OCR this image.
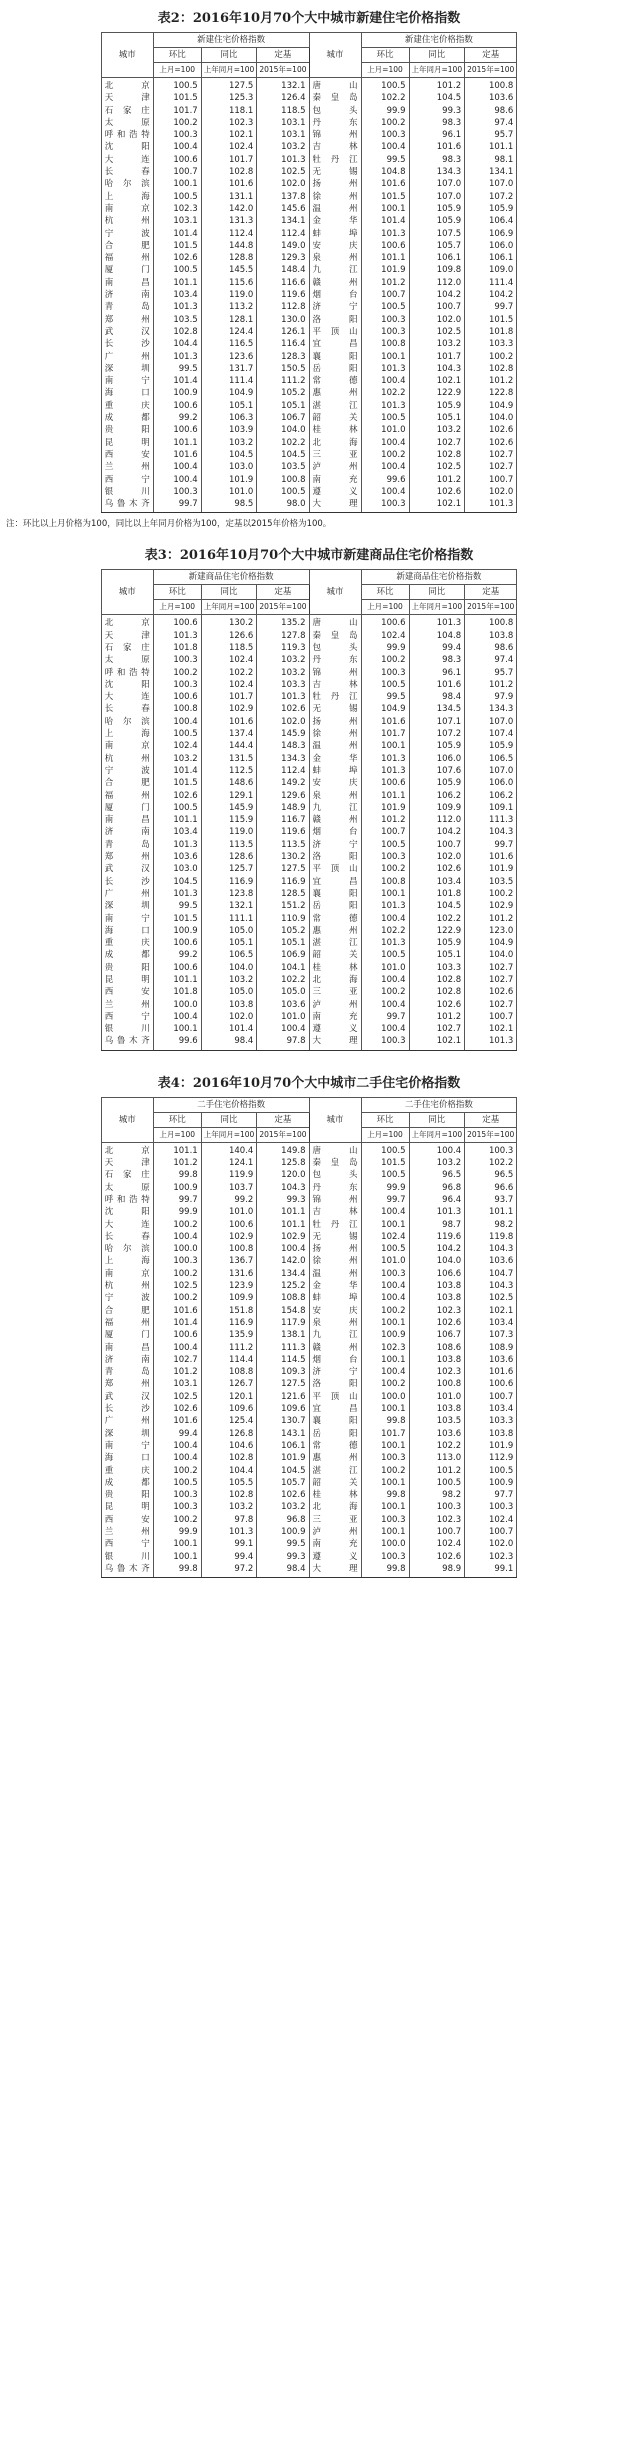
表2：2016年10月70个大中城市新建住宅价格指数
城市	新建住宅价格指数			城市	新建住宅价格指数		
	环比	同比	定基		环比	同比	定基
	上月=100	上年同月=100	2015年=100		上月=100	上年同月=100	2015年=100
北　京	100.5	127.5	132.1	唐　山	100.5	101.2	100.8
天　津	101.5	125.3	126.4	秦皇岛	102.2	104.5	103.6
石家庄	101.7	118.1	118.5	包　头	99.9	99.3	98.6
太　原	100.2	102.3	103.1	丹　东	100.2	98.3	97.4
呼和浩特	100.3	102.1	103.1	锦　州	100.3	96.1	95.7
沈　阳	100.4	102.4	103.2	吉　林	100.4	101.6	101.1
大　连	100.6	101.7	101.3	牡丹江	99.5	98.3	98.1
长　春	100.7	102.8	102.5	无　锡	104.8	134.3	134.1
哈尔滨	100.1	101.6	102.0	扬　州	101.6	107.0	107.0
上　海	100.5	131.1	137.8	徐　州	101.5	107.0	107.2
南　京	102.3	142.0	145.6	温　州	100.1	105.9	105.9
杭　州	103.1	131.3	134.1	金　华	101.4	105.9	106.4
宁　波	101.4	112.4	112.4	蚌　埠	101.3	107.5	106.9
合　肥	101.5	144.8	149.0	安　庆	100.6	105.7	106.0
福　州	102.6	128.8	129.3	泉　州	101.1	106.1	106.1
厦　门	100.5	145.5	148.4	九　江	101.9	109.8	109.0
南　昌	101.1	115.6	116.6	赣　州	101.2	112.0	111.4
济　南	103.4	119.0	119.6	烟　台	100.7	104.2	104.2
青　岛	101.3	113.2	112.8	济　宁	100.5	100.7	99.7
郑　州	103.5	128.1	130.0	洛　阳	100.3	102.0	101.5
武　汉	102.8	124.4	126.1	平顶山	100.3	102.5	101.8
长　沙	104.4	116.5	116.4	宜　昌	100.8	103.2	103.3
广　州	101.3	123.6	128.3	襄　阳	100.1	101.7	100.2
深　圳	99.5	131.7	150.5	岳　阳	101.3	104.3	102.8
南　宁	101.4	111.4	111.2	常　德	100.4	102.1	101.2
海　口	100.9	104.9	105.2	惠　州	102.2	122.9	122.8
重　庆	100.6	105.1	105.1	湛　江	101.3	105.9	104.9
成　都	99.2	106.3	106.7	韶　关	100.5	105.1	104.0
贵　阳	100.6	103.9	104.0	桂　林	101.0	103.2	102.6
昆　明	101.1	103.2	102.2	北　海	100.4	102.7	102.6
西　安	101.6	104.5	104.5	三　亚	100.2	102.8	102.7
兰　州	100.4	103.0	103.5	泸　州	100.4	102.5	102.7
西　宁	100.4	101.9	100.8	南　充	99.6	101.2	100.7
银　川	100.3	101.0	100.5	遵　义	100.4	102.6	102.0
乌鲁木齐	99.7	98.5	98.0	大　理	100.3	102.1	101.3
注：环比以上月价格为100，同比以上年同月价格为100，定基以2015年价格为100。
表3：2016年10月70个大中城市新建商品住宅价格指数
城市	新建商品住宅价格指数			城市	新建商品住宅价格指数		
	环比	同比	定基		环比	同比	定基
	上月=100	上年同月=100	2015年=100		上月=100	上年同月=100	2015年=100
北　京	100.6	130.2	135.2	唐　山	100.6	101.3	100.8
天　津	101.3	126.6	127.8	秦皇岛	102.4	104.8	103.8
石家庄	101.8	118.5	119.3	包　头	99.9	99.4	98.6
太　原	100.3	102.4	103.2	丹　东	100.2	98.3	97.4
呼和浩特	100.2	102.2	103.2	锦　州	100.3	96.1	95.7
沈　阳	100.3	102.4	103.3	吉　林	100.5	101.6	101.2
大　连	100.6	101.7	101.3	牡丹江	99.5	98.4	97.9
长　春	100.8	102.9	102.6	无　锡	104.9	134.5	134.3
哈尔滨	100.4	101.6	102.0	扬　州	101.6	107.1	107.0
上　海	100.5	137.4	145.9	徐　州	101.7	107.2	107.4
南　京	102.4	144.4	148.3	温　州	100.1	105.9	105.9
杭　州	103.2	131.5	134.3	金　华	101.3	106.0	106.5
宁　波	101.4	112.5	112.4	蚌　埠	101.3	107.6	107.0
合　肥	101.5	148.6	149.2	安　庆	100.6	105.9	106.0
福　州	102.6	129.1	129.6	泉　州	101.1	106.2	106.2
厦　门	100.5	145.9	148.9	九　江	101.9	109.9	109.1
南　昌	101.1	115.9	116.7	赣　州	101.2	112.0	111.3
济　南	103.4	119.0	119.6	烟　台	100.7	104.2	104.3
青　岛	101.3	113.5	113.5	济　宁	100.5	100.7	99.7
郑　州	103.6	128.6	130.2	洛　阳	100.3	102.0	101.6
武　汉	103.0	125.7	127.5	平顶山	100.2	102.6	101.9
长　沙	104.5	116.9	116.9	宜　昌	100.8	103.4	103.5
广　州	101.3	123.8	128.5	襄　阳	100.1	101.8	100.2
深　圳	99.5	132.1	151.2	岳　阳	101.3	104.5	102.9
南　宁	101.5	111.1	110.9	常　德	100.4	102.2	101.2
海　口	100.9	105.0	105.2	惠　州	102.2	122.9	123.0
重　庆	100.6	105.1	105.1	湛　江	101.3	105.9	104.9
成　都	99.2	106.5	106.9	韶　关	100.5	105.1	104.0
贵　阳	100.6	104.0	104.1	桂　林	101.0	103.3	102.7
昆　明	101.1	103.2	102.2	北　海	100.4	102.8	102.7
西　安	101.8	105.0	105.0	三　亚	100.2	102.8	102.6
兰　州	100.0	103.8	103.6	泸　州	100.4	102.6	102.7
西　宁	100.4	102.0	101.0	南　充	99.7	101.2	100.7
银　川	100.1	101.4	100.4	遵　义	100.4	102.7	102.1
乌鲁木齐	99.6	98.4	97.8	大　理	100.3	102.1	101.3
表4：2016年10月70个大中城市二手住宅价格指数
城市	二手住宅价格指数			城市	二手住宅价格指数		
	环比	同比	定基		环比	同比	定基
	上月=100	上年同月=100	2015年=100		上月=100	上年同月=100	2015年=100
北　京	101.1	140.4	149.8	唐　山	100.5	100.4	100.3
天　津	101.2	124.1	125.8	秦皇岛	101.5	103.2	102.2
石家庄	99.8	119.9	120.0	包　头	100.5	96.5	96.5
太　原	100.9	103.7	104.3	丹　东	99.9	96.8	96.6
呼和浩特	99.7	99.2	99.3	锦　州	99.7	96.4	93.7
沈　阳	99.9	101.0	101.1	吉　林	100.4	101.3	101.1
大　连	100.2	100.6	101.1	牡丹江	100.1	98.7	98.2
长　春	100.4	102.9	102.9	无　锡	102.4	119.6	119.8
哈尔滨	100.0	100.8	100.4	扬　州	100.5	104.2	104.3
上　海	100.3	136.7	142.0	徐　州	101.0	104.0	103.6
南　京	100.2	131.6	134.4	温　州	100.3	106.6	104.7
杭　州	102.5	123.9	125.2	金　华	100.4	103.8	104.3
宁　波	100.2	109.9	108.8	蚌　埠	100.4	103.8	102.5
合　肥	101.6	151.8	154.8	安　庆	100.2	102.3	102.1
福　州	101.4	116.9	117.9	泉　州	100.1	102.6	103.4
厦　门	100.6	135.9	138.1	九　江	100.9	106.7	107.3
南　昌	100.4	111.2	111.3	赣　州	102.3	108.6	108.9
济　南	102.7	114.4	114.5	烟　台	100.1	103.8	103.6
青　岛	101.2	108.8	109.3	济　宁	100.4	102.3	101.6
郑　州	103.1	126.7	127.5	洛　阳	100.2	100.8	100.6
武　汉	102.5	120.1	121.6	平顶山	100.0	101.0	100.7
长　沙	102.6	109.6	109.6	宜　昌	100.1	103.8	103.4
广　州	101.6	125.4	130.7	襄　阳	99.8	103.5	103.3
深　圳	99.4	126.8	143.1	岳　阳	101.7	103.6	103.8
南　宁	100.4	104.6	106.1	常　德	100.1	102.2	101.9
海　口	100.4	102.8	101.9	惠　州	100.3	113.0	112.9
重　庆	100.2	104.4	104.5	湛　江	100.2	101.2	100.5
成　都	100.5	105.5	105.7	韶　关	100.1	100.5	100.9
贵　阳	100.3	102.8	102.6	桂　林	99.8	98.2	97.7
昆　明	100.3	103.2	103.2	北　海	100.1	100.3	100.3
西　安	100.2	97.8	96.8	三　亚	100.3	102.3	102.4
兰　州	99.9	101.3	100.9	泸　州	100.1	100.7	100.7
西　宁	100.1	99.1	99.5	南　充	100.0	102.4	102.0
银　川	100.1	99.4	99.3	遵　义	100.3	102.6	102.3
乌鲁木齐	99.8	97.2	98.4	大　理	99.8	98.9	99.1
